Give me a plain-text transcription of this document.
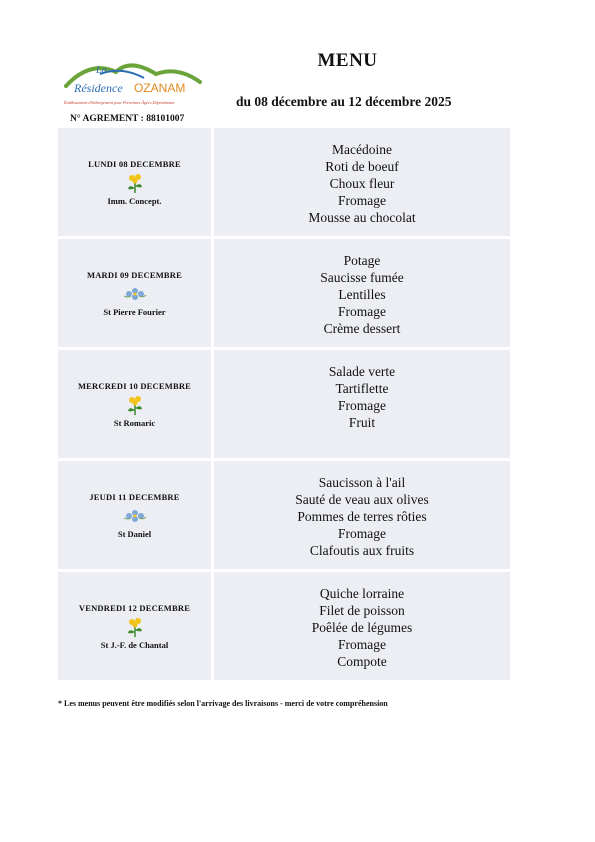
La
Résidence OZANAM
Établissement d'hébergement pour Personnes Âgées Dépendantes
N° AGREMENT : 88101007
MENU
du 08 décembre au 12 décembre 2025
LUNDI 08 DECEMBRE
Imm. Concept.
Macédoine
Roti de boeuf
Choux fleur
Fromage
Mousse au chocolat
MARDI 09 DECEMBRE
St Pierre Fourier
Potage
Saucisse fumée
Lentilles
Fromage
Crème dessert
MERCREDI 10 DECEMBRE
St Romaric
Salade verte
Tartiflette
Fromage
Fruit
JEUDI 11 DECEMBRE
St Daniel
Saucisson à l'ail
Sauté de veau aux olives
Pommes de terres rôties
Fromage
Clafoutis aux fruits
VENDREDI 12 DECEMBRE
St J.-F. de Chantal
Quiche lorraine
Filet de poisson
Poêlée de légumes
Fromage
Compote
* Les menus peuvent être modifiés selon l'arrivage des livraisons - merci de votre compréhension
